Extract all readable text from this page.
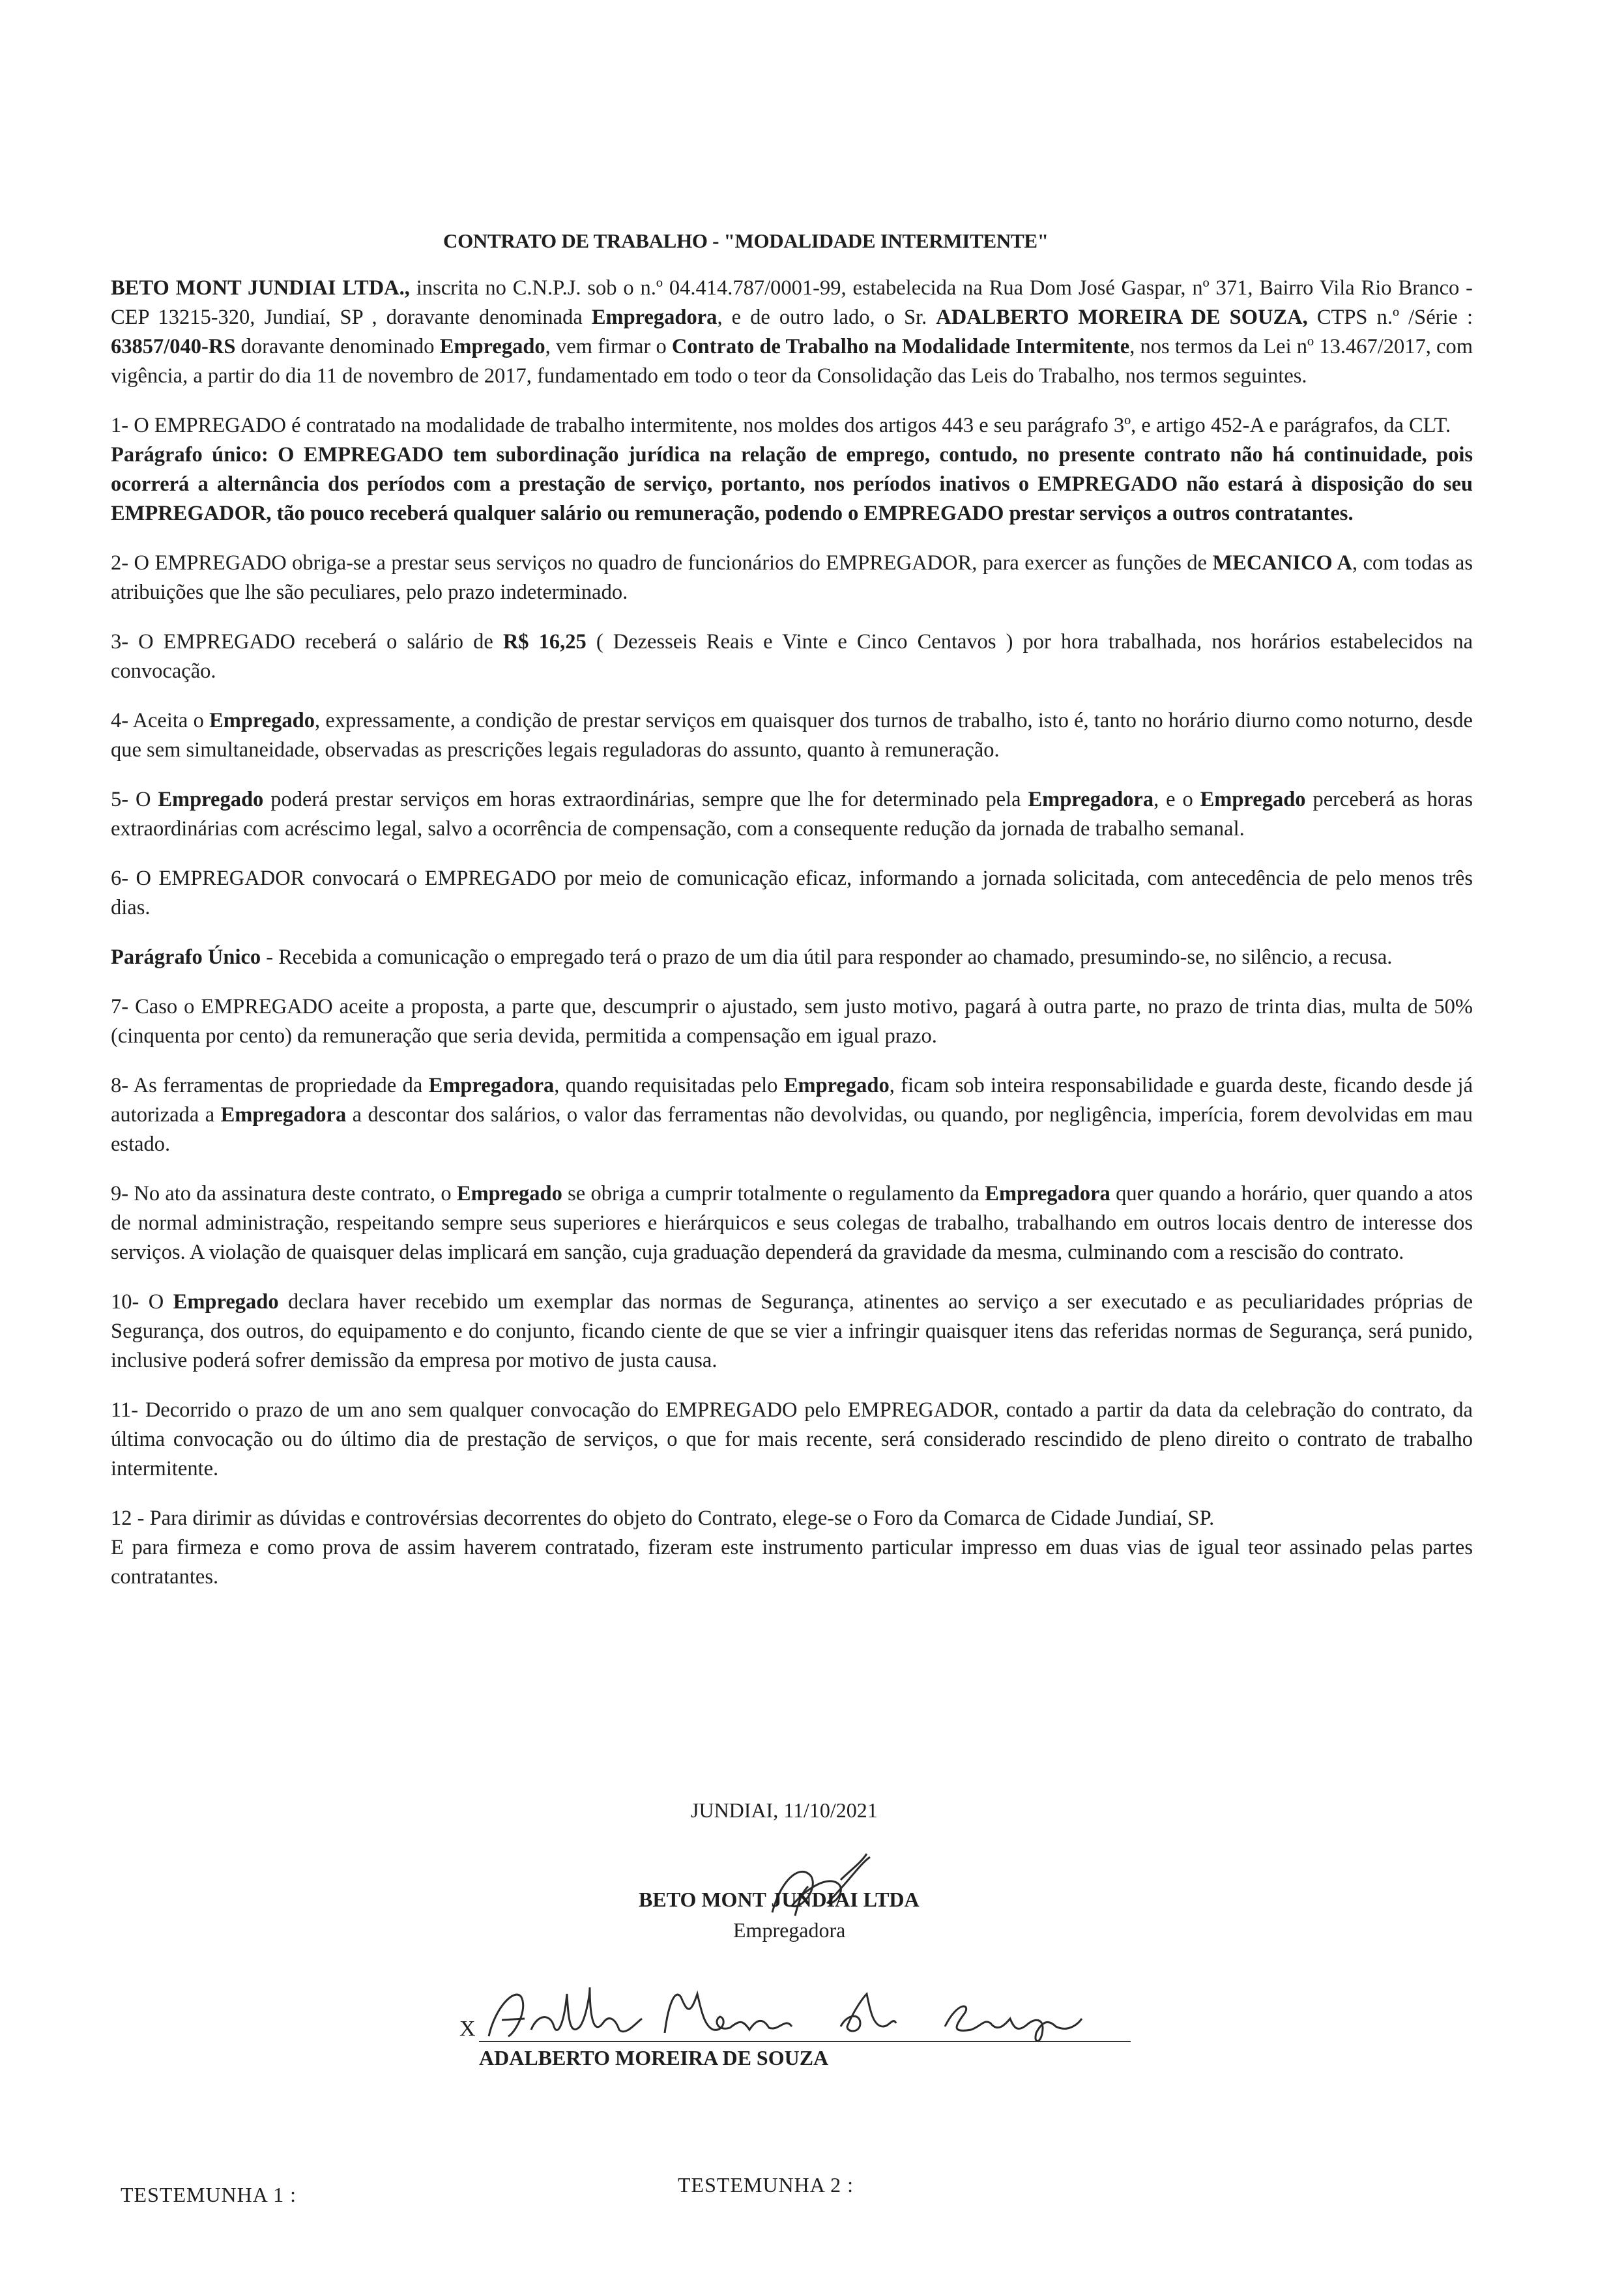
CONTRATO DE TRABALHO - "MODALIDADE INTERMITENTE"

BETO MONT JUNDIAI LTDA., inscrita no C.N.P.J. sob o n.º 04.414.787/0001-99, estabelecida na Rua Dom José Gaspar, nº 371, Bairro Vila Rio Branco - CEP 13215-320, Jundiaí, SP , doravante denominada Empregadora, e de outro lado, o Sr. ADALBERTO MOREIRA DE SOUZA, CTPS n.º /Série : 63857/040-RS doravante denominado Empregado, vem firmar o Contrato de Trabalho na Modalidade Intermitente, nos termos da Lei nº 13.467/2017, com vigência, a partir do dia 11 de novembro de 2017, fundamentado em todo o teor da Consolidação das Leis do Trabalho, nos termos seguintes.

1- O EMPREGADO é contratado na modalidade de trabalho intermitente, nos moldes dos artigos 443 e seu parágrafo 3º, e artigo 452-A e parágrafos, da CLT.

Parágrafo único: O EMPREGADO tem subordinação jurídica na relação de emprego, contudo, no presente contrato não há continuidade, pois ocorrerá a alternância dos períodos com a prestação de serviço, portanto, nos períodos inativos o EMPREGADO não estará à disposição do seu EMPREGADOR, tão pouco receberá qualquer salário ou remuneração, podendo o EMPREGADO prestar serviços a outros contratantes.

2- O EMPREGADO obriga-se a prestar seus serviços no quadro de funcionários do EMPREGADOR, para exercer as funções de MECANICO A, com todas as atribuições que lhe são peculiares, pelo prazo indeterminado.

3- O EMPREGADO receberá o salário de R$ 16,25 ( Dezesseis Reais e Vinte e Cinco Centavos ) por hora trabalhada, nos horários estabelecidos na convocação.

4- Aceita o Empregado, expressamente, a condição de prestar serviços em quaisquer dos turnos de trabalho, isto é, tanto no horário diurno como noturno, desde que sem simultaneidade, observadas as prescrições legais reguladoras do assunto, quanto à remuneração.

5- O Empregado poderá prestar serviços em horas extraordinárias, sempre que lhe for determinado pela Empregadora, e o Empregado perceberá as horas extraordinárias com acréscimo legal, salvo a ocorrência de compensação, com a consequente redução da jornada de trabalho semanal.

6- O EMPREGADOR convocará o EMPREGADO por meio de comunicação eficaz, informando a jornada solicitada, com antecedência de pelo menos três dias.

Parágrafo Único - Recebida a comunicação o empregado terá o prazo de um dia útil para responder ao chamado, presumindo-se, no silêncio, a recusa.

7- Caso o EMPREGADO aceite a proposta, a parte que, descumprir o ajustado, sem justo motivo, pagará à outra parte, no prazo de trinta dias, multa de 50% (cinquenta por cento) da remuneração que seria devida, permitida a compensação em igual prazo.

8- As ferramentas de propriedade da Empregadora, quando requisitadas pelo Empregado, ficam sob inteira responsabilidade e guarda deste, ficando desde já autorizada a Empregadora a descontar dos salários, o valor das ferramentas não devolvidas, ou quando, por negligência, imperícia, forem devolvidas em mau estado.

9- No ato da assinatura deste contrato, o Empregado se obriga a cumprir totalmente o regulamento da Empregadora quer quando a horário, quer quando a atos de normal administração, respeitando sempre seus superiores e hierárquicos e seus colegas de trabalho, trabalhando em outros locais dentro de interesse dos serviços. A violação de quaisquer delas implicará em sanção, cuja graduação dependerá da gravidade da mesma, culminando com a rescisão do contrato.

10- O Empregado declara haver recebido um exemplar das normas de Segurança, atinentes ao serviço a ser executado e as peculiaridades próprias de Segurança, dos outros, do equipamento e do conjunto, ficando ciente de que se vier a infringir quaisquer itens das referidas normas de Segurança, será punido, inclusive poderá sofrer demissão da empresa por motivo de justa causa.

11- Decorrido o prazo de um ano sem qualquer convocação do EMPREGADO pelo EMPREGADOR, contado a partir da data da celebração do contrato, da última convocação ou do último dia de prestação de serviços, o que for mais recente, será considerado rescindido de pleno direito o contrato de trabalho intermitente.

12 - Para dirimir as dúvidas e controvérsias decorrentes do objeto do Contrato, elege-se o Foro da Comarca de Cidade Jundiaí, SP.

E para firmeza e como prova de assim haverem contratado, fizeram este instrumento particular impresso em duas vias de igual teor assinado pelas partes contratantes.

JUNDIAI, 11/10/2021
BETO MONT JUNDIAI LTDA
Empregadora
X
ADALBERTO MOREIRA DE SOUZA
TESTEMUNHA 1 :	TESTEMUNHA 2 :
